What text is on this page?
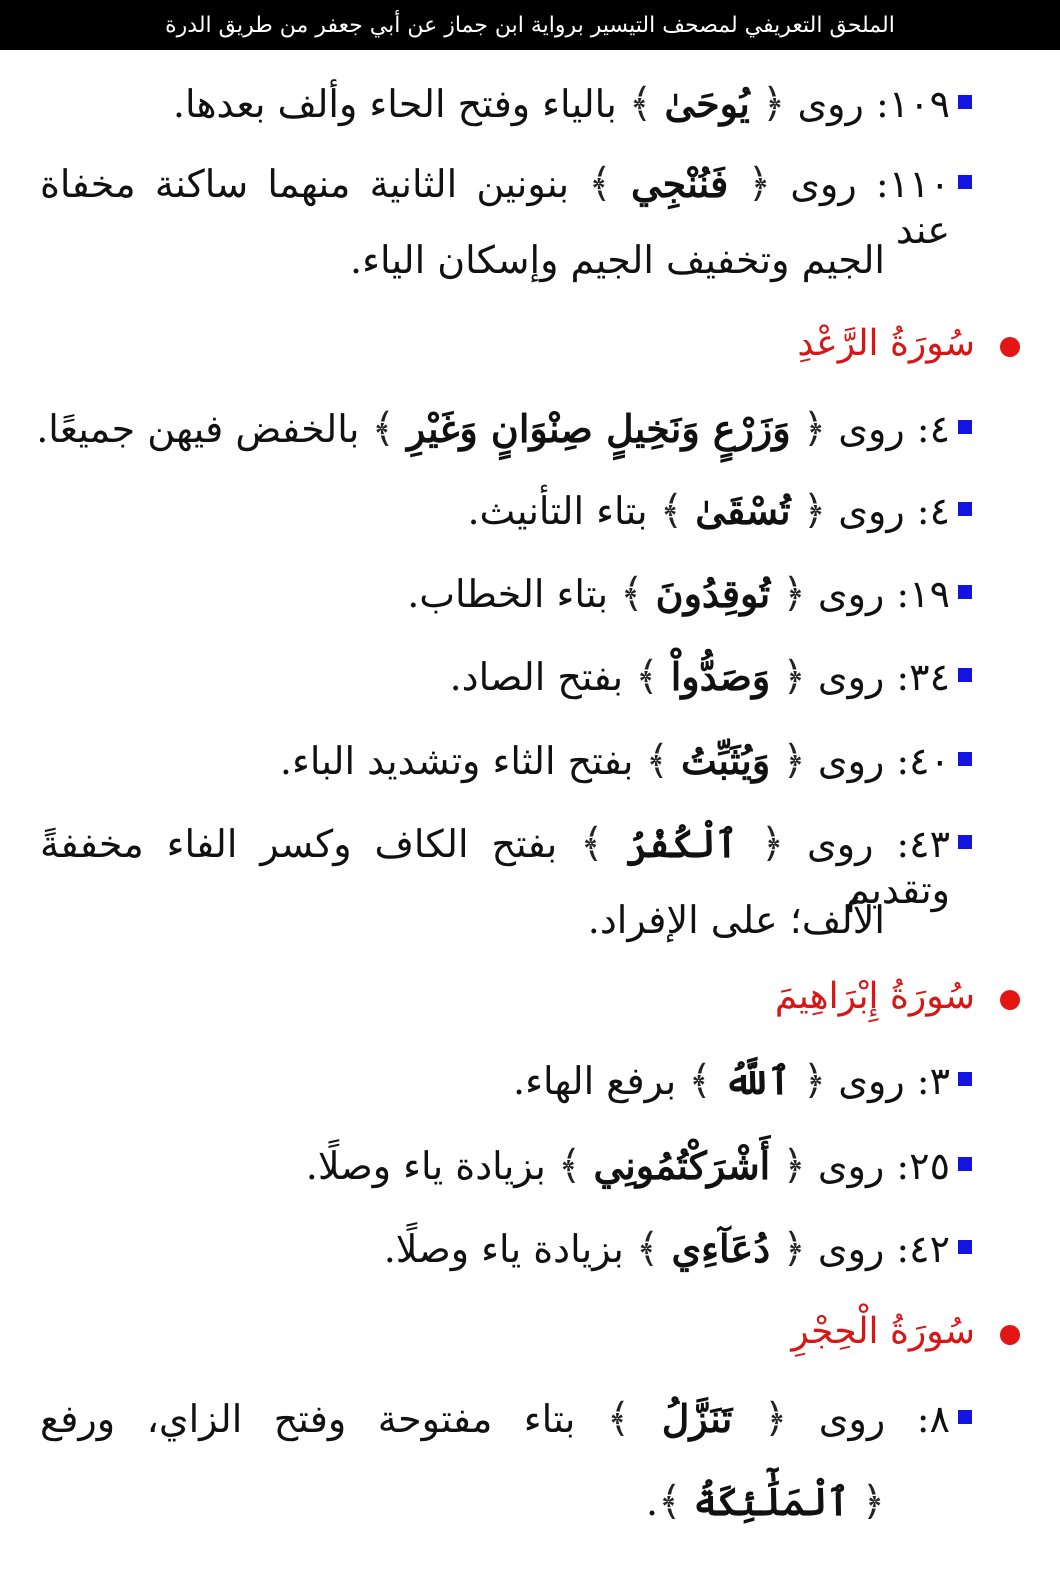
الملحق التعريفي لمصحف التيسير برواية ابن جماز عن أبي جعفر من طريق الدرة
١٠٩: روى ﴿ يُوحَىٰ ﴾ بالياء وفتح الحاء وألف بعدها.
١١٠: روى ﴿ فَنُنْجِي ﴾ بنونين الثانية منهما ساكنة مخفاة عند
الجيم وتخفيف الجيم وإسكان الياء.
سُورَةُ الرَّعْدِ
٤: روى ﴿ وَزَرْعٍ وَنَخِيلٍ صِنْوَانٍ وَغَيْرِ ﴾ بالخفض فيهن جميعًا.
٤: روى ﴿ تُسْقَىٰ ﴾ بتاء التأنيث.
١٩: روى ﴿ تُوقِدُونَ ﴾ بتاء الخطاب.
٣٤: روى ﴿ وَصَدُّواْ ﴾ بفتح الصاد.
٤٠: روى ﴿ وَيُثَبِّتُ ﴾ بفتح الثاء وتشديد الباء.
٤٣: روى ﴿ ٱلْكُفْرُ ﴾ بفتح الكاف وكسر الفاء مخففةً وتقديم
الألف؛ على الإفراد.
سُورَةُ إِبْرَاهِيمَ
٣: روى ﴿ ٱللَّهُ ﴾ برفع الهاء.
٢٥: روى ﴿ أَشْرَكْتُمُونِي ﴾ بزيادة ياء وصلًا.
٤٢: روى ﴿ دُعَآءِي ﴾ بزيادة ياء وصلًا.
سُورَةُ الْحِجْرِ
٨: روى ﴿ تَنَزَّلُ ﴾ بتاء مفتوحة وفتح الزاي، ورفع
﴿ ٱلْمَلَٰٓئِكَةُ ﴾.
